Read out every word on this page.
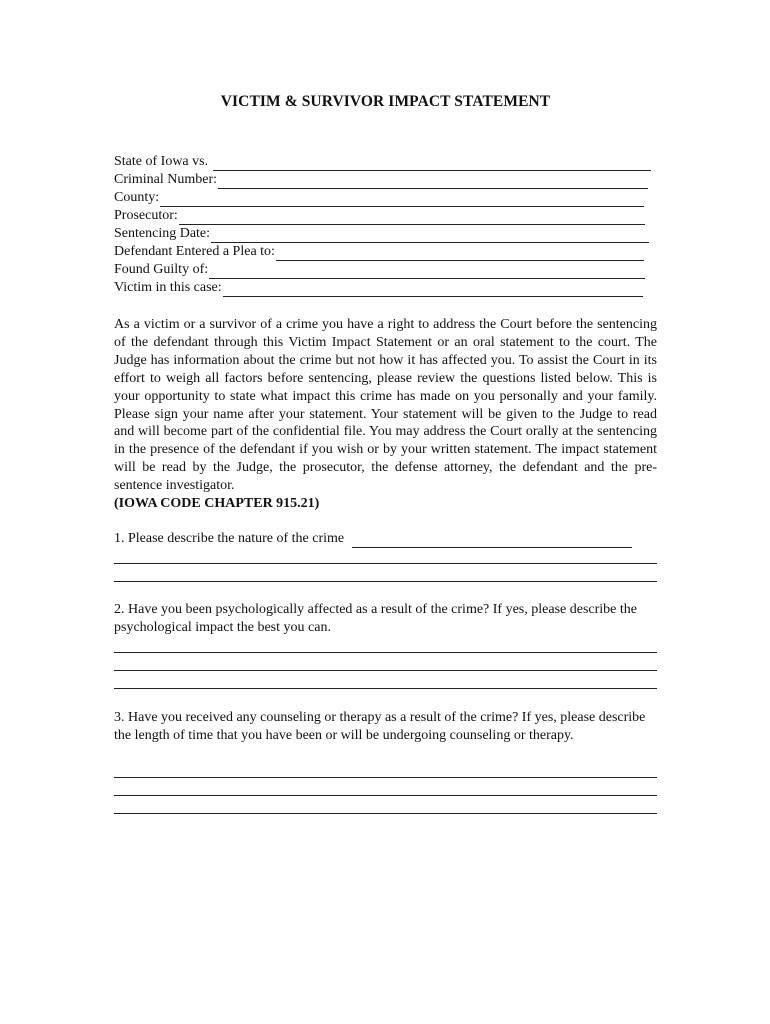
VICTIM & SURVIVOR IMPACT STATEMENT
State of Iowa vs.
Criminal Number:
County:
Prosecutor:
Sentencing Date:
Defendant Entered a Plea to:
Found Guilty of:
Victim in this case:
As a victim or a survivor of a crime you have a right to address the Court before the sentencing of the defendant through this Victim Impact Statement or an oral statement to the court. The Judge has information about the crime but not how it has affected you. To assist the Court in its effort to weigh all factors before sentencing, please review the questions listed below. This is your opportunity to state what impact this crime has made on you personally and your family. Please sign your name after your statement. Your statement will be given to the Judge to read and will become part of the confidential file. You may address the Court orally at the sentencing in the presence of the defendant if you wish or by your written statement. The impact statement will be read by the Judge, the prosecutor, the defense attorney, the defendant and the pre-sentence investigator.
(IOWA CODE CHAPTER 915.21)
1. Please describe the nature of the crime
2. Have you been psychologically affected as a result of the crime? If yes, please describe the psychological impact the best you can.
3. Have you received any counseling or therapy as a result of the crime? If yes, please describe the length of time that you have been or will be undergoing counseling or therapy.
